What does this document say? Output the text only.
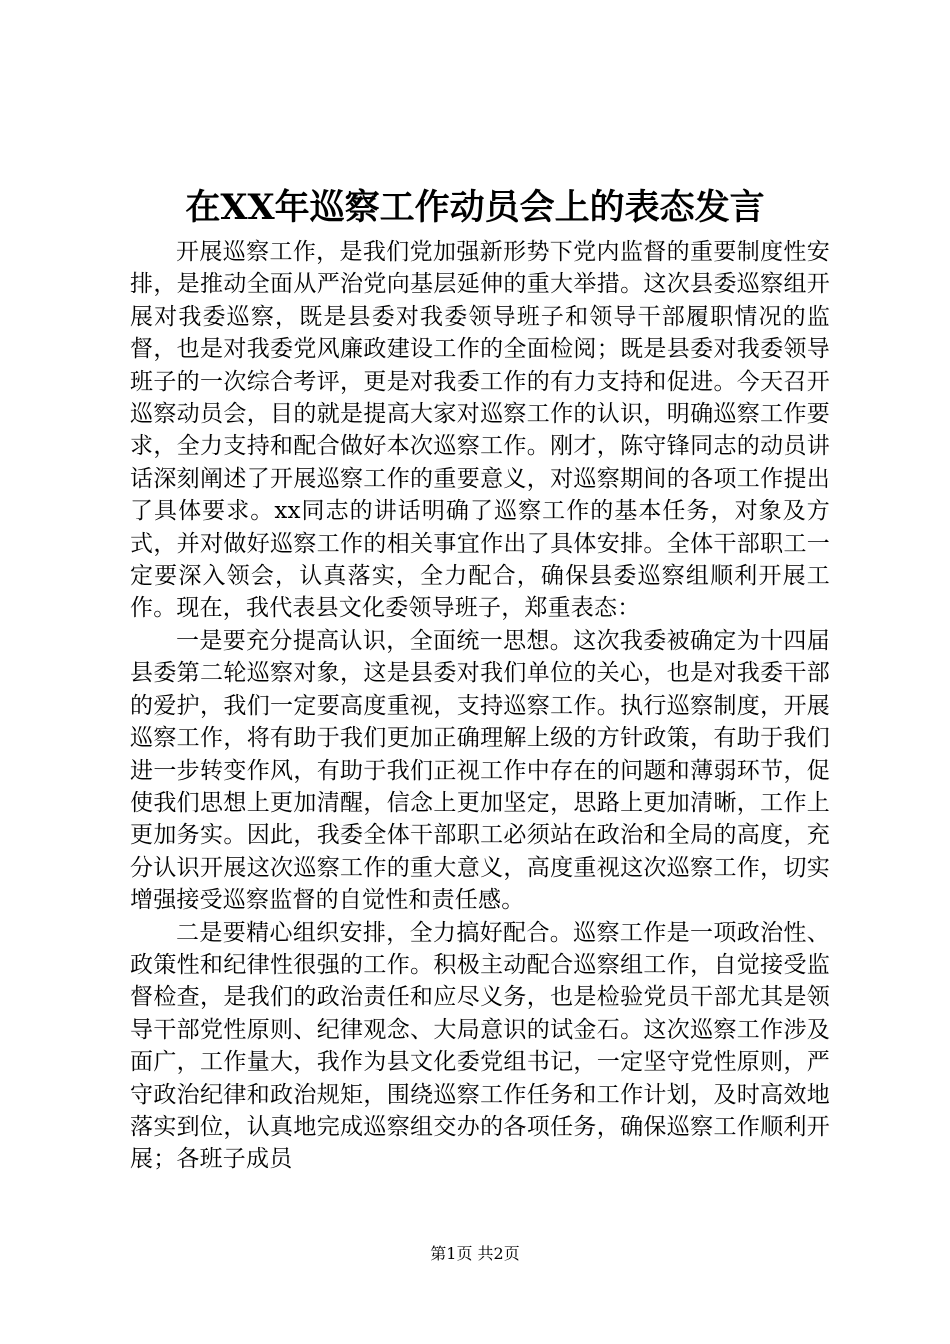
在XX年巡察工作动员会上的表态发言

开展巡察工作，是我们党加强新形势下党内监督的重要制度性安排，是推动全面从严治党向基层延伸的重大举措。这次县委巡察组开展对我委巡察，既是县委对我委领导班子和领导干部履职情况的监督，也是对我委党风廉政建设工作的全面检阅；既是县委对我委领导班子的一次综合考评，更是对我委工作的有力支持和促进。今天召开巡察动员会，目的就是提高大家对巡察工作的认识，明确巡察工作要求，全力支持和配合做好本次巡察工作。刚才，陈守锋同志的动员讲话深刻阐述了开展巡察工作的重要意义，对巡察期间的各项工作提出了具体要求。xx同志的讲话明确了巡察工作的基本任务，对象及方式，并对做好巡察工作的相关事宜作出了具体安排。全体干部职工一定要深入领会，认真落实，全力配合，确保县委巡察组顺利开展工作。现在，我代表县文化委领导班子，郑重表态：

一是要充分提高认识，全面统一思想。这次我委被确定为十四届县委第二轮巡察对象，这是县委对我们单位的关心，也是对我委干部的爱护，我们一定要高度重视，支持巡察工作。执行巡察制度，开展巡察工作，将有助于我们更加正确理解上级的方针政策，有助于我们进一步转变作风，有助于我们正视工作中存在的问题和薄弱环节，促使我们思想上更加清醒，信念上更加坚定，思路上更加清晰，工作上更加务实。因此，我委全体干部职工必须站在政治和全局的高度，充分认识开展这次巡察工作的重大意义，高度重视这次巡察工作，切实增强接受巡察监督的自觉性和责任感。

二是要精心组织安排，全力搞好配合。巡察工作是一项政治性、政策性和纪律性很强的工作。积极主动配合巡察组工作，自觉接受监督检查，是我们的政治责任和应尽义务，也是检验党员干部尤其是领导干部党性原则、纪律观念、大局意识的试金石。这次巡察工作涉及面广，工作量大，我作为县文化委党组书记，一定坚守党性原则，严守政治纪律和政治规矩，围绕巡察工作任务和工作计划，及时高效地落实到位，认真地完成巡察组交办的各项任务，确保巡察工作顺利开展；各班子成员

第1页 共2页
